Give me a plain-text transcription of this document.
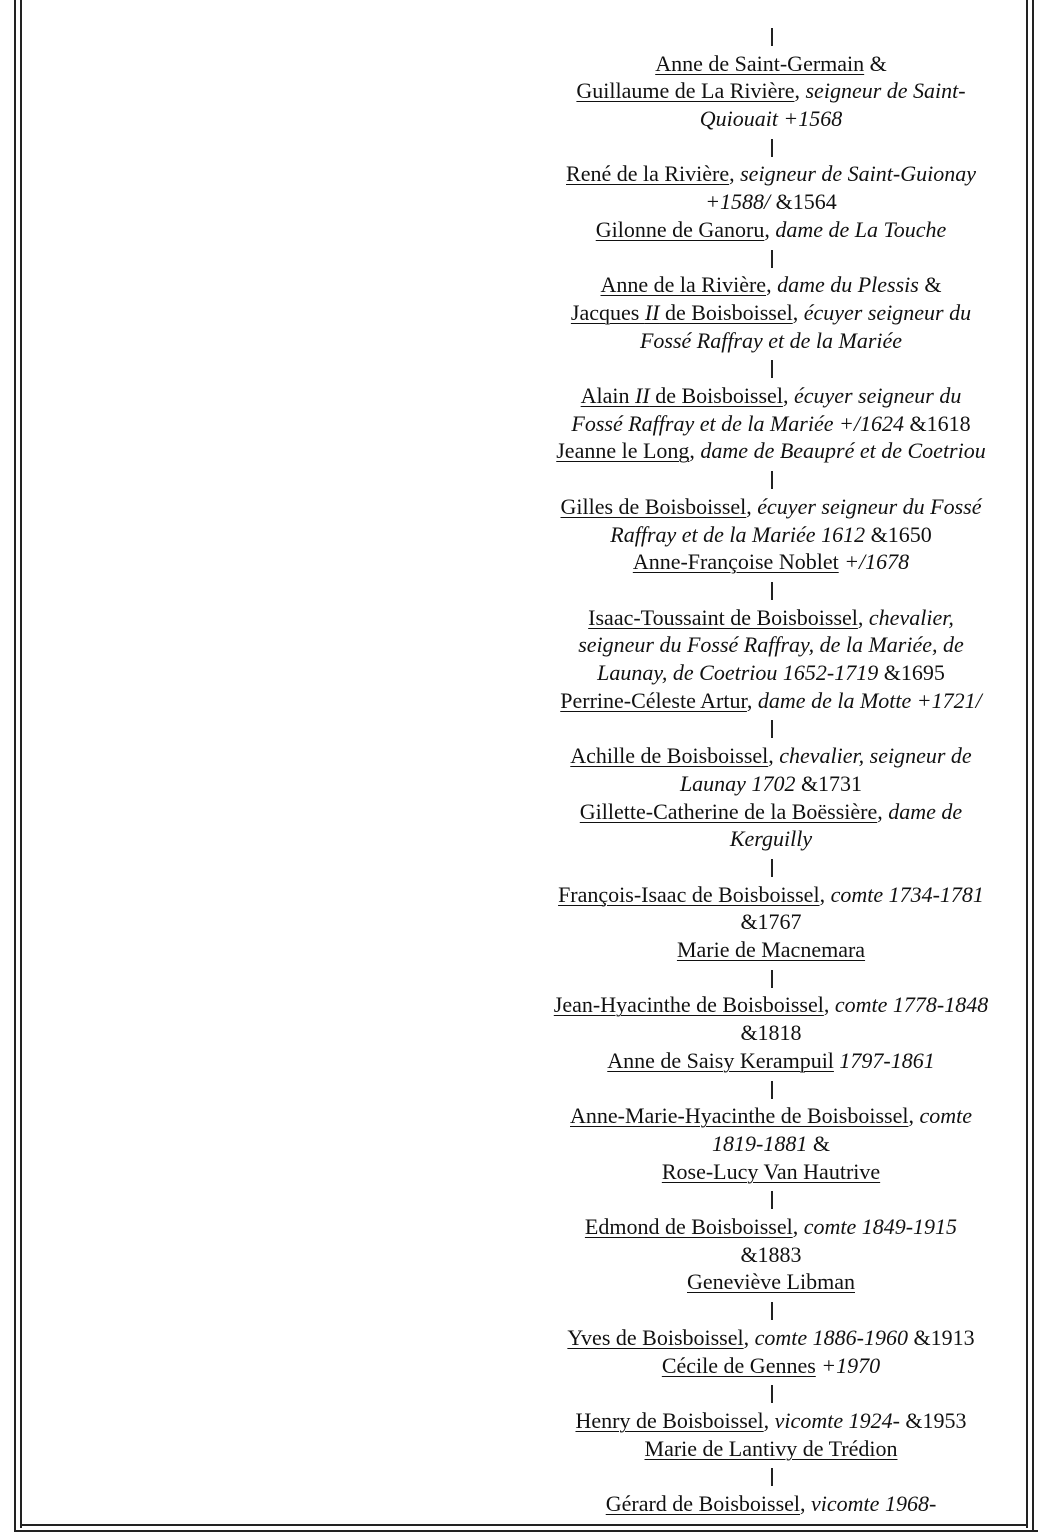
Anne de Saint-Germain &
Guillaume de La Rivière, seigneur de Saint-
Quiouait +1568
René de la Rivière, seigneur de Saint-Guionay
+1588/ &1564
Gilonne de Ganoru, dame de La Touche
Anne de la Rivière, dame du Plessis &
Jacques II de Boisboissel, écuyer seigneur du
Fossé Raffray et de la Mariée
Alain II de Boisboissel, écuyer seigneur du
Fossé Raffray et de la Mariée +/1624 &1618
Jeanne le Long, dame de Beaupré et de Coetriou
Gilles de Boisboissel, écuyer seigneur du Fossé
Raffray et de la Mariée 1612 &1650
Anne-Françoise Noblet +/1678
Isaac-Toussaint de Boisboissel, chevalier,
seigneur du Fossé Raffray, de la Mariée, de
Launay, de Coetriou 1652-1719 &1695
Perrine-Céleste Artur, dame de la Motte +1721/
Achille de Boisboissel, chevalier, seigneur de
Launay 1702 &1731
Gillette-Catherine de la Boëssière, dame de
Kerguilly
François-Isaac de Boisboissel, comte 1734-1781
&1767
Marie de Macnemara
Jean-Hyacinthe de Boisboissel, comte 1778-1848
&1818
Anne de Saisy Kerampuil 1797-1861
Anne-Marie-Hyacinthe de Boisboissel, comte
1819-1881 &
Rose-Lucy Van Hautrive
Edmond de Boisboissel, comte 1849-1915
&1883
Geneviève Libman
Yves de Boisboissel, comte 1886-1960 &1913
Cécile de Gennes +1970
Henry de Boisboissel, vicomte 1924- &1953
Marie de Lantivy de Trédion
Gérard de Boisboissel, vicomte 1968-
